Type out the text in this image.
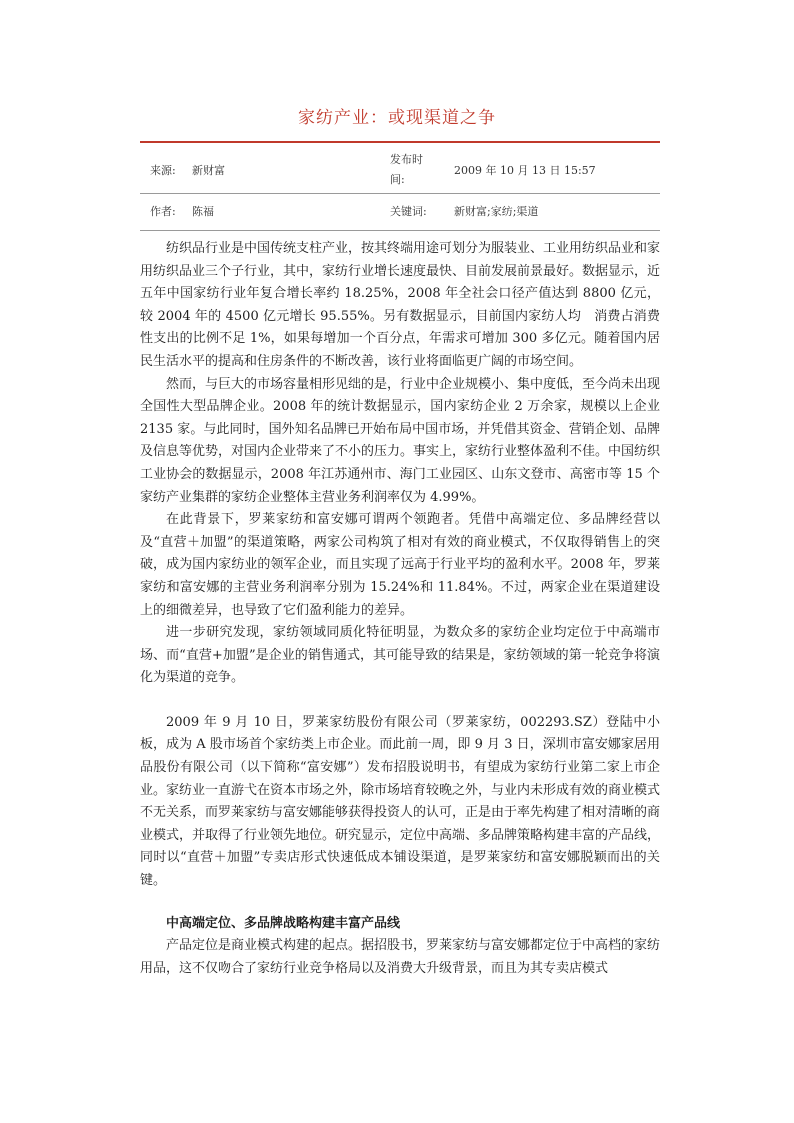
家纺产业：或现渠道之争
来源: 新财富
发布时间:
2009 年 10 月 13 日 15:57
作者: 陈福	关键词: 新财富;家纺;渠道

纺织品行业是中国传统支柱产业，按其终端用途可划分为服装业、工业用纺织品业和家用纺织品业三个子行业，其中，家纺行业增长速度最快、目前发展前景最好。数据显示，近五年中国家纺行业年复合增长率约 18.25%，2008 年全社会口径产值达到 8800 亿元，较 2004 年的 4500 亿元增长 95.55%。另有数据显示，目前国内家纺人均　消费占消费性支出的比例不足 1%，如果每增加一个百分点，年需求可增加 300 多亿元。随着国内居民生活水平的提高和住房条件的不断改善，该行业将面临更广阔的市场空间。

然而，与巨大的市场容量相形见绌的是，行业中企业规模小、集中度低，至今尚未出现全国性大型品牌企业。2008 年的统计数据显示，国内家纺企业 2 万余家，规模以上企业 2135 家。与此同时，国外知名品牌已开始布局中国市场，并凭借其资金、营销企划、品牌及信息等优势，对国内企业带来了不小的压力。事实上，家纺行业整体盈利不佳。中国纺织工业协会的数据显示，2008 年江苏通州市、海门工业园区、山东文登市、高密市等 15 个家纺产业集群的家纺企业整体主营业务利润率仅为 4.99%。

在此背景下，罗莱家纺和富安娜可谓两个领跑者。凭借中高端定位、多品牌经营以及“直营＋加盟”的渠道策略，两家公司构筑了相对有效的商业模式，不仅取得销售上的突破，成为国内家纺业的领军企业，而且实现了远高于行业平均的盈利水平。2008 年，罗莱家纺和富安娜的主营业务利润率分别为 15.24%和 11.84%。不过，两家企业在渠道建设上的细微差异，也导致了它们盈利能力的差异。

进一步研究发现，家纺领域同质化特征明显，为数众多的家纺企业均定位于中高端市场、而“直营+加盟”是企业的销售通式，其可能导致的结果是，家纺领域的第一轮竞争将演化为渠道的竞争。

2009 年 9 月 10 日，罗莱家纺股份有限公司（罗莱家纺，002293.SZ）登陆中小板，成为 A 股市场首个家纺类上市企业。而此前一周，即 9 月 3 日，深圳市富安娜家居用品股份有限公司（以下简称“富安娜”）发布招股说明书，有望成为家纺行业第二家上市企业。家纺业一直游弋在资本市场之外，除市场培育较晚之外，与业内未形成有效的商业模式不无关系，而罗莱家纺与富安娜能够获得投资人的认可，正是由于率先构建了相对清晰的商业模式，并取得了行业领先地位。研究显示，定位中高端、多品牌策略构建丰富的产品线，同时以“直营＋加盟”专卖店形式快速低成本铺设渠道，是罗莱家纺和富安娜脱颖而出的关键。

中高端定位、多品牌战略构建丰富产品线

产品定位是商业模式构建的起点。据招股书，罗莱家纺与富安娜都定位于中高档的家纺用品，这不仅吻合了家纺行业竞争格局以及消费大升级背景，而且为其专卖店模式
